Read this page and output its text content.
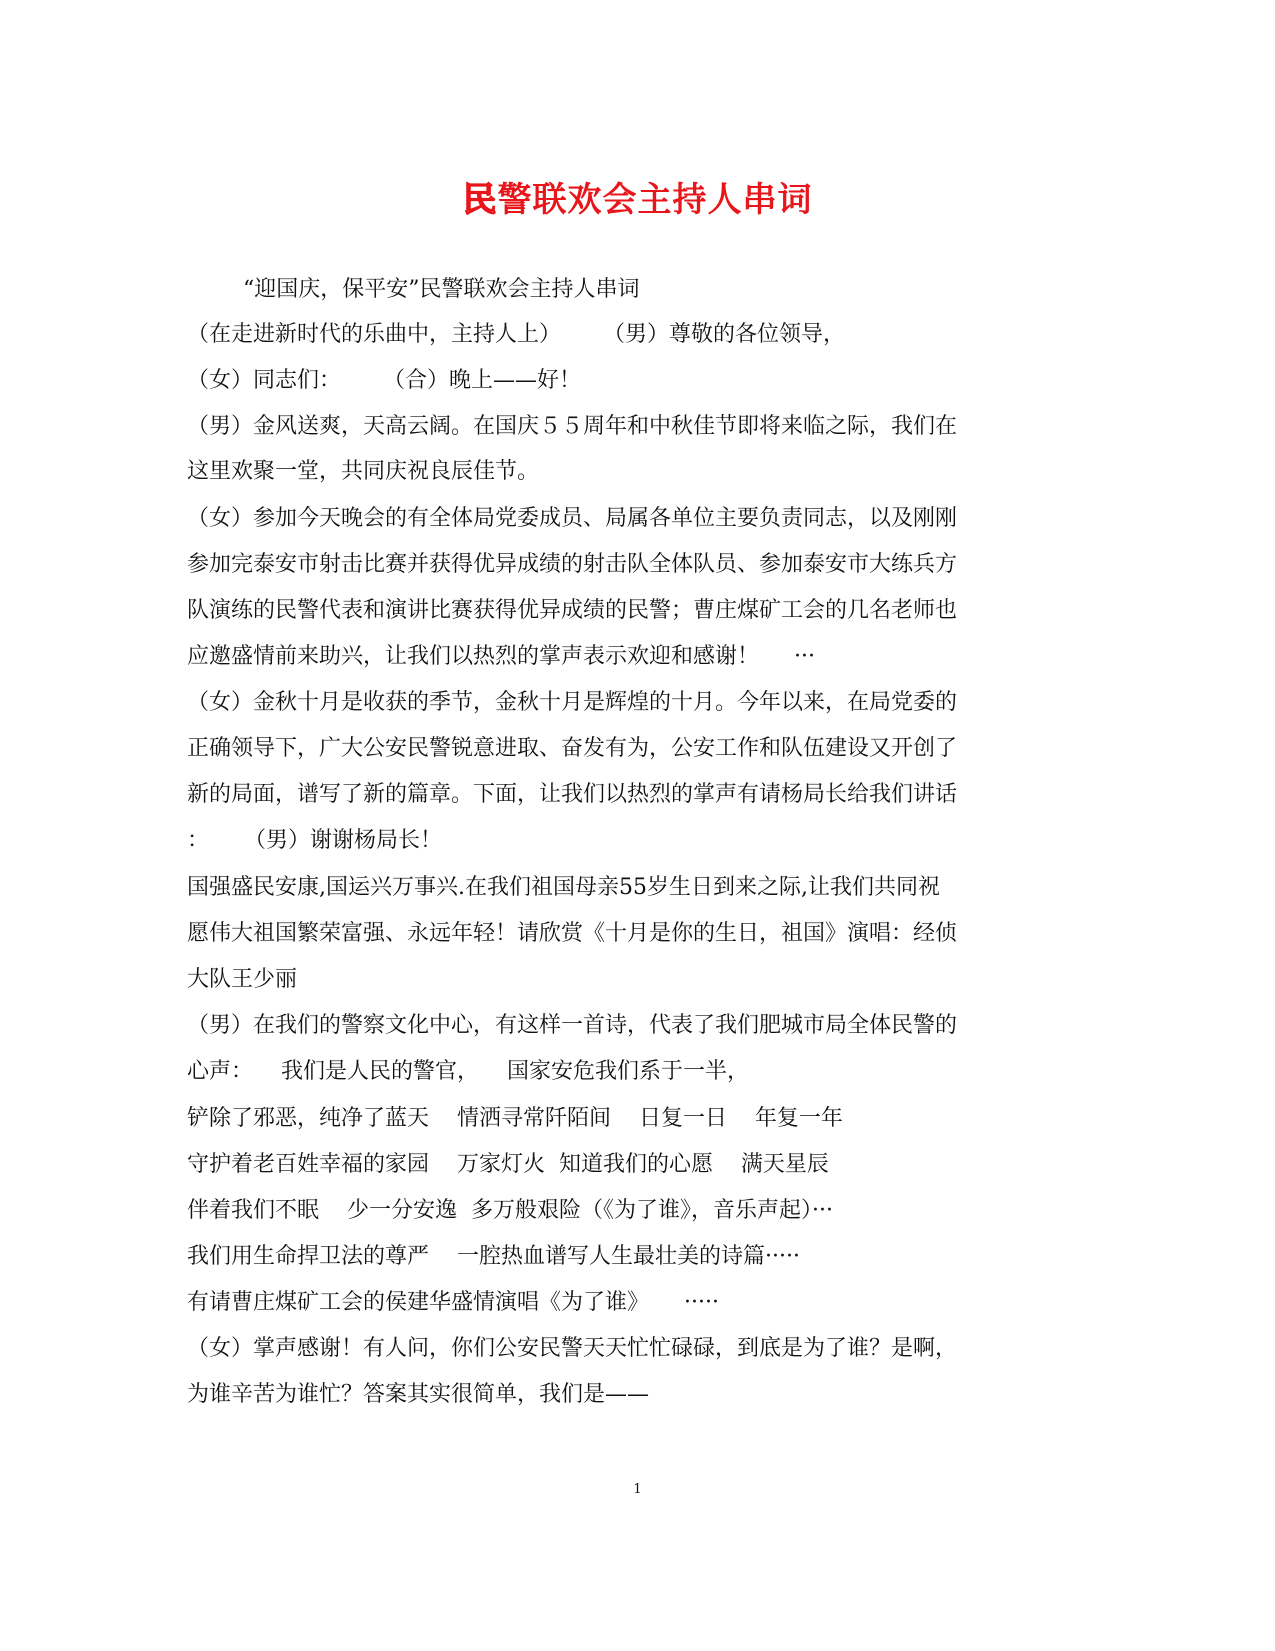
民警联欢会主持人串词
“迎国庆，保平安”民警联欢会主持人串词
（在走进新时代的乐曲中，主持人上）      （男）尊敬的各位领导，
（女）同志们：      （合）晚上——好！
（男）金风送爽，天高云阔。在国庆５５周年和中秋佳节即将来临之际，我们在
这里欢聚一堂，共同庆祝良辰佳节。
（女）参加今天晚会的有全体局党委成员、局属各单位主要负责同志，以及刚刚
参加完泰安市射击比赛并获得优异成绩的射击队全体队员、参加泰安市大练兵方
队演练的民警代表和演讲比赛获得优异成绩的民警；曹庄煤矿工会的几名老师也
应邀盛情前来助兴，让我们以热烈的掌声表示欢迎和感谢！     ···
（女）金秋十月是收获的季节，金秋十月是辉煌的十月。今年以来，在局党委的
正确领导下，广大公安民警锐意进取、奋发有为，公安工作和队伍建设又开创了
新的局面，谱写了新的篇章。下面，让我们以热烈的掌声有请杨局长给我们讲话
：     （男）谢谢杨局长！
国强盛民安康,国运兴万事兴.在我们祖国母亲55岁生日到来之际,让我们共同祝
愿伟大祖国繁荣富强、永远年轻！请欣赏《十月是你的生日，祖国》演唱：经侦
大队王少丽
（男）在我们的警察文化中心，有这样一首诗，代表了我们肥城市局全体民警的
心声：    我们是人民的警官，    国家安危我们系于一半，
铲除了邪恶，纯净了蓝天    情洒寻常阡陌间    日复一日    年复一年
守护着老百姓幸福的家园    万家灯火  知道我们的心愿    满天星辰
伴着我们不眠    少一分安逸  多万般艰险（《为了谁》，音乐声起）···
我们用生命捍卫法的尊严    一腔热血谱写人生最壮美的诗篇·····
有请曹庄煤矿工会的侯建华盛情演唱《为了谁》     ·····
（女）掌声感谢！有人问，你们公安民警天天忙忙碌碌，到底是为了谁？是啊，
为谁辛苦为谁忙？答案其实很简单，我们是——
1
